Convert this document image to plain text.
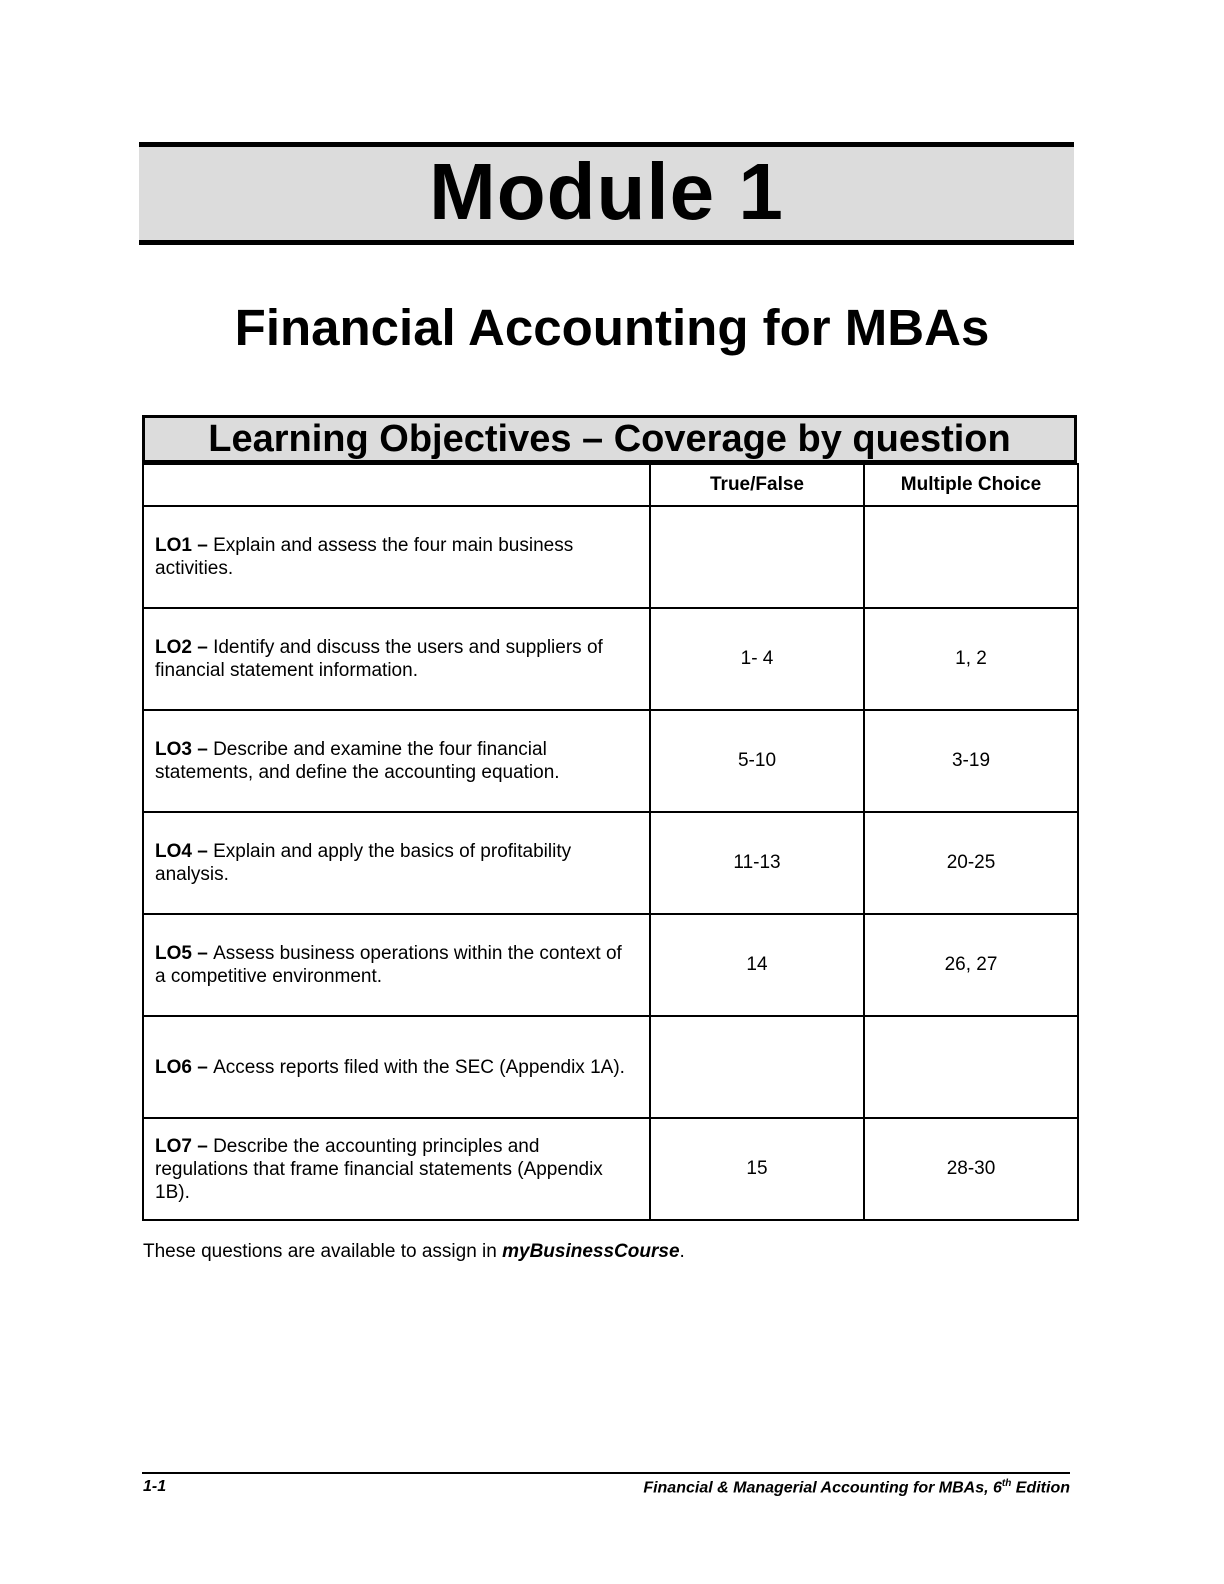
Module 1
Financial Accounting for MBAs
Learning Objectives – Coverage by question
	True/False	Multiple Choice
LO1 – Explain and assess the four main business activities.		
LO2 – Identify and discuss the users and suppliers of financial statement information.	1- 4	1, 2
LO3 – Describe and examine the four financial statements, and define the accounting equation.	5-10	3-19
LO4 – Explain and apply the basics of profitability analysis.	11-13	20-25
LO5 – Assess business operations within the context of a competitive environment.	14	26, 27
LO6 – Access reports filed with the SEC (Appendix 1A).		
LO7 – Describe the accounting principles and regulations that frame financial statements (Appendix 1B).	15	28-30
These questions are available to assign in myBusinessCourse.
1-1	Financial & Managerial Accounting for MBAs, 6th Edition
